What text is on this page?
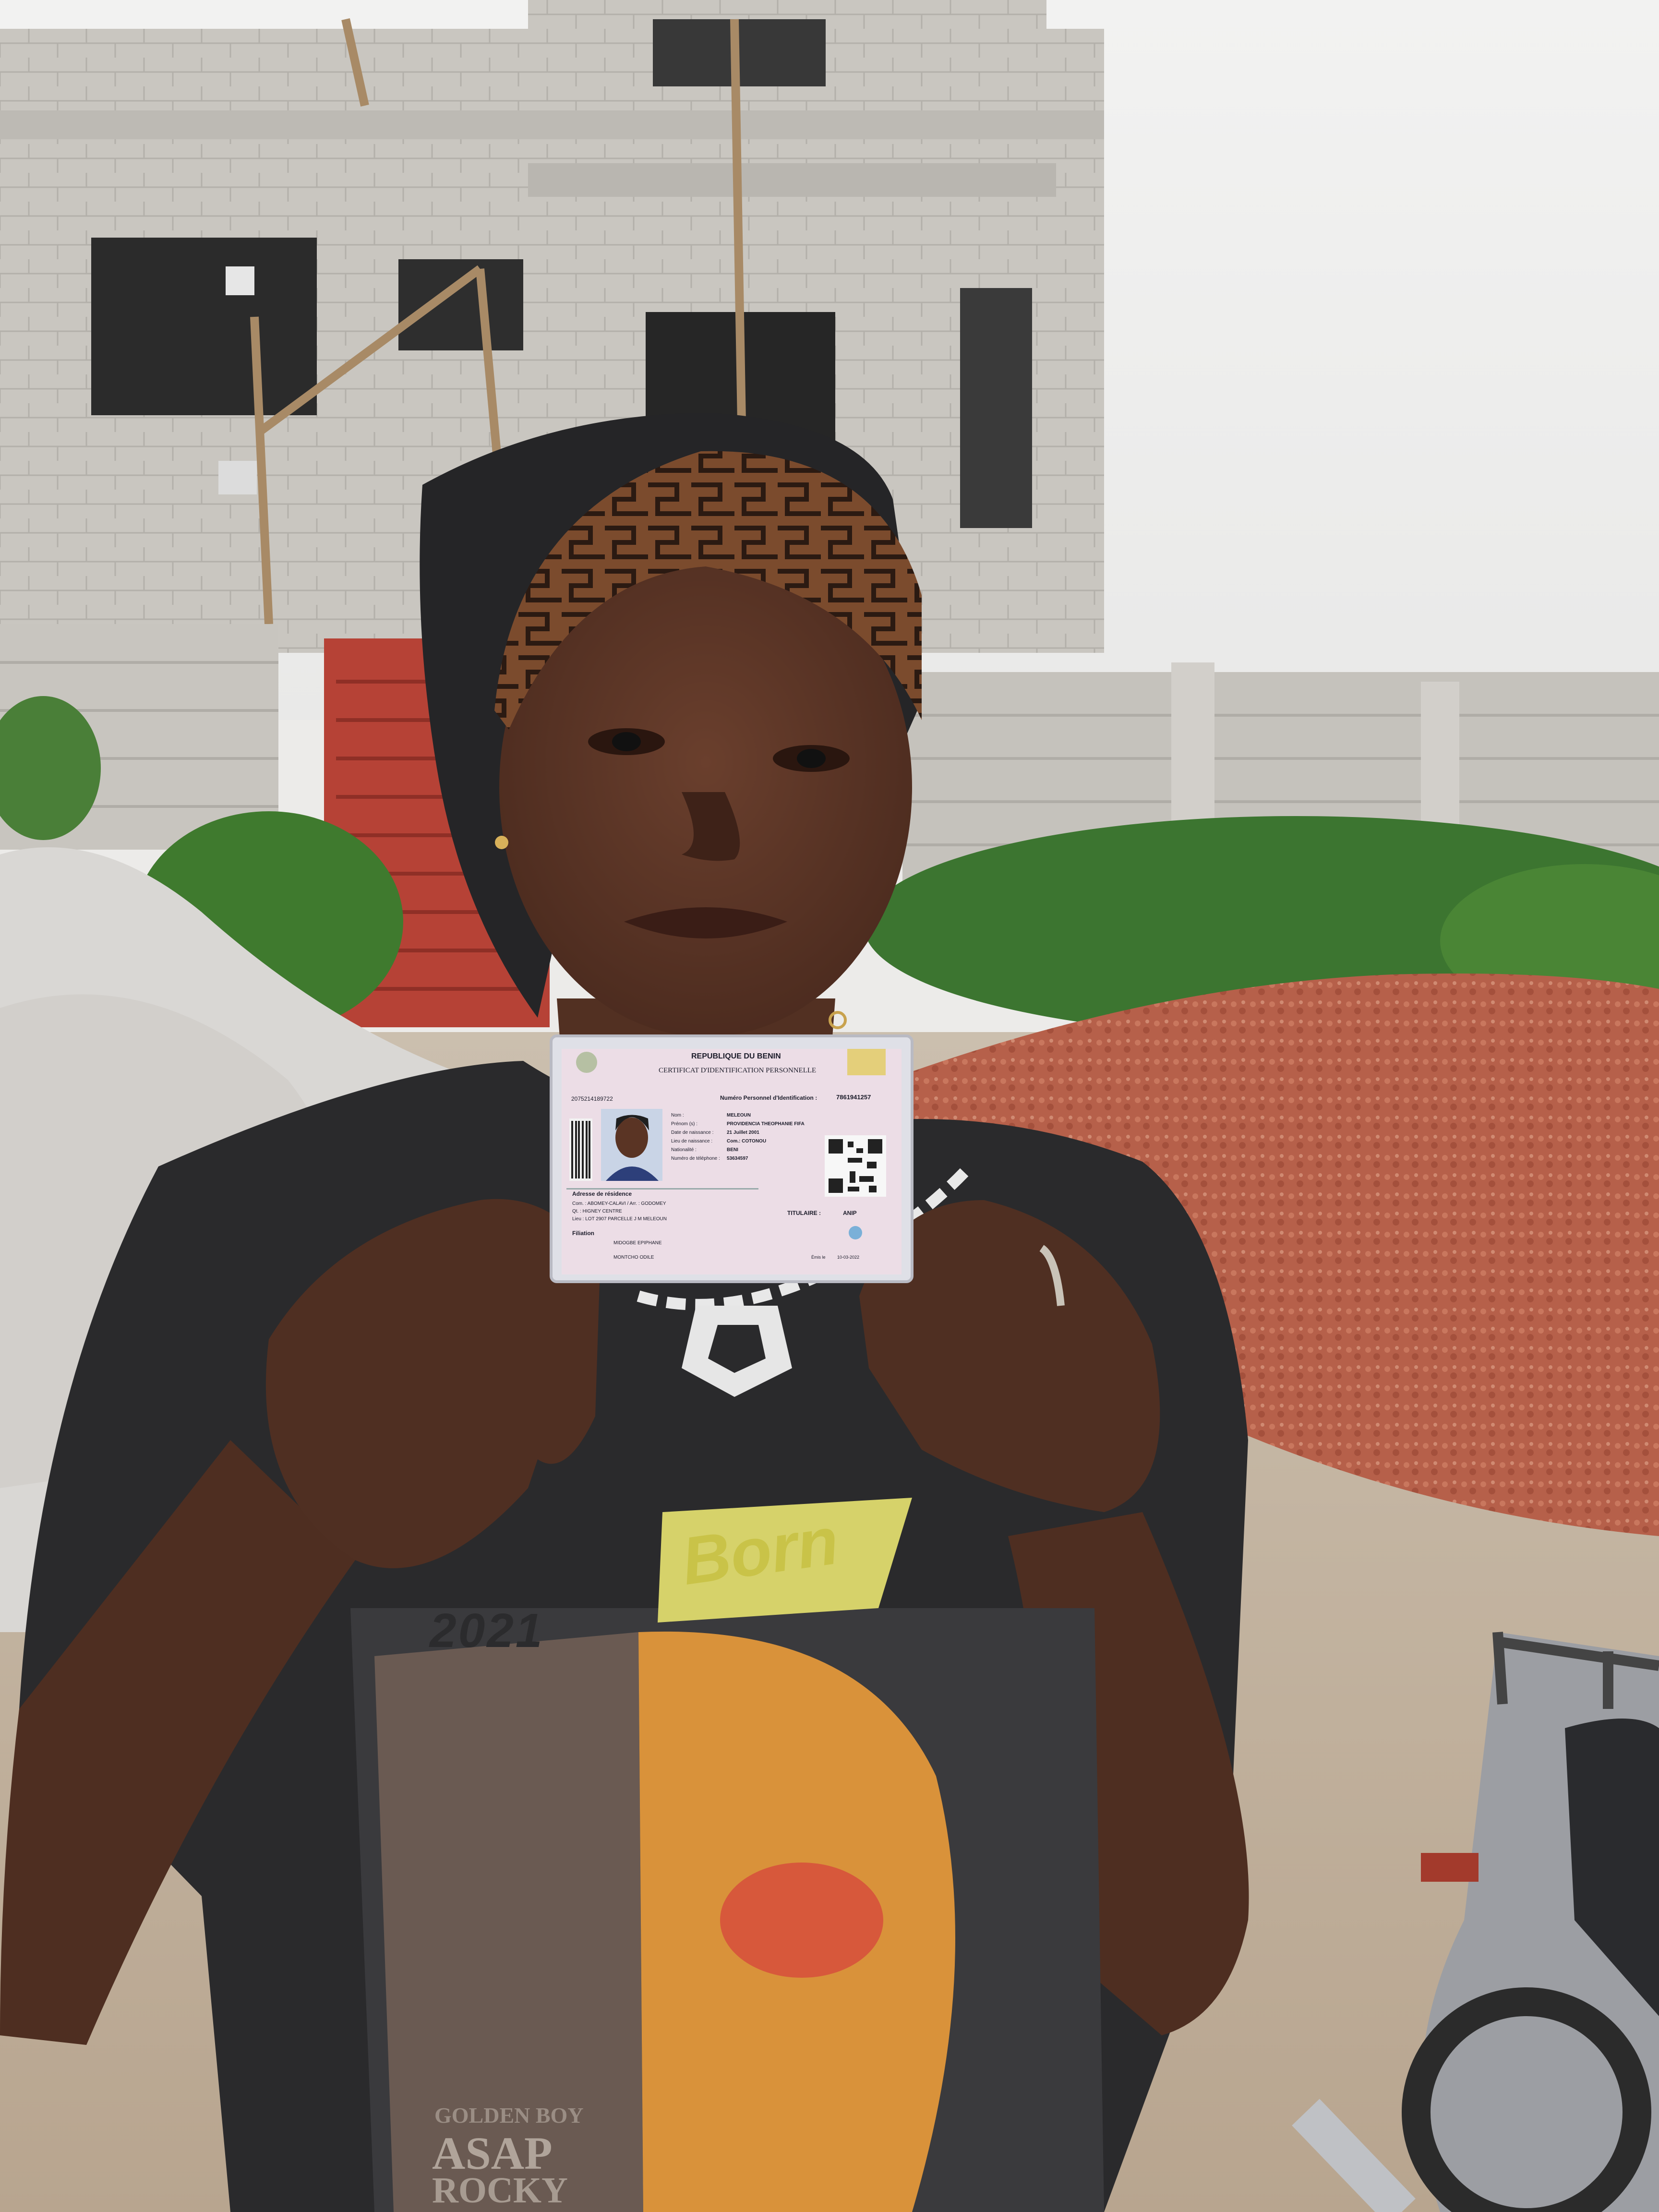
REPUBLIQUE DU BENIN
CERTIFICAT D'IDENTIFICATION PERSONNELLE
2075214189722	Numéro Personnel d'Identification :	7861941257
Nom :	MELEOUN
Prénom (s) :	PROVIDENCIA THEOPHANIE FIFA
Date de naissance :	21 Juillet 2001
Lieu de naissance :	Com.: COTONOU
Nationalité :	BENI
Numéro de téléphone :	53634597
Adresse de résidence
Com. : ABOMEY-CALAVI / Arr. : GODOMEY
Qt. : HIGNEY CENTRE
Lieu : LOT 2907 PARCELLE J M MELEOUN
Filiation
MIDOGBE EPIPHANE
MONTCHO ODILE
TITULAIRE :	ANIP
Émis le	10-03-2022
2021
Born
GOLDEN BOY
ASAP
ROCKY
